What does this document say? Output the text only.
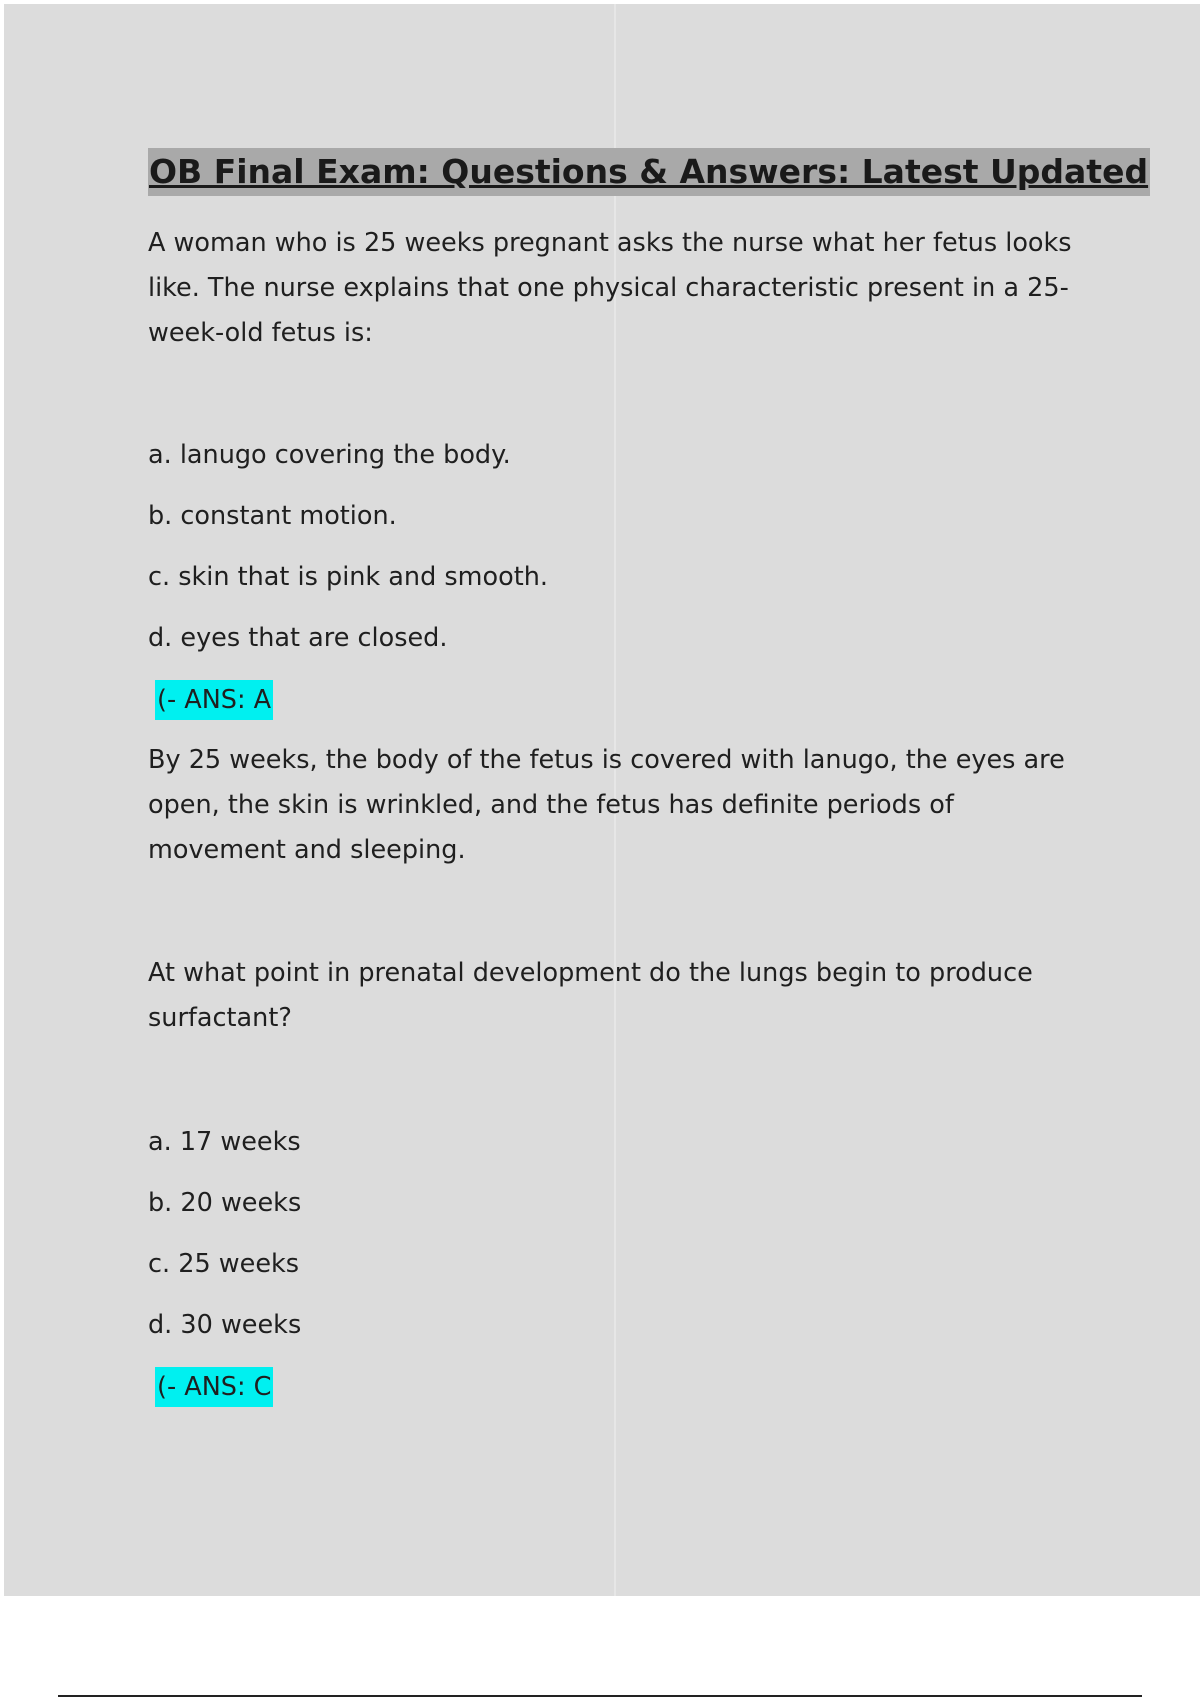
OB Final Exam: Questions & Answers: Latest Updated

A woman who is 25 weeks pregnant asks the nurse what her fetus looks like. The nurse explains that one physical characteristic present in a 25-week-old fetus is:

a. lanugo covering the body.

b. constant motion.

c. skin that is pink and smooth.

d. eyes that are closed.

(- ANS: A

By 25 weeks, the body of the fetus is covered with lanugo, the eyes are open, the skin is wrinkled, and the fetus has definite periods of movement and sleeping.

At what point in prenatal development do the lungs begin to produce surfactant?

a. 17 weeks

b. 20 weeks

c. 25 weeks

d. 30 weeks

(- ANS: C
